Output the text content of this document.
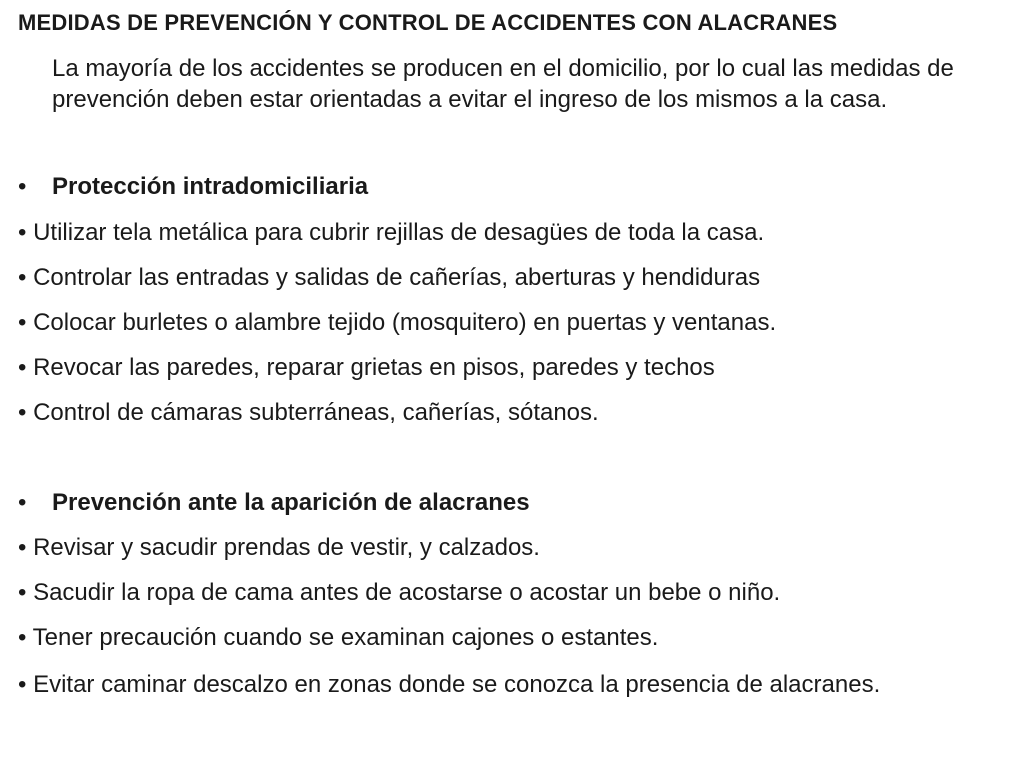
MEDIDAS DE PREVENCIÓN Y CONTROL DE ACCIDENTES CON ALACRANES
La mayoría de los accidentes se producen en el domicilio, por lo cual las medidas de prevención deben estar orientadas a evitar el ingreso de los mismos a la casa.
• Protección intradomiciliaria
• Utilizar tela metálica para cubrir rejillas de desagües de toda la casa.
• Controlar las entradas y salidas de cañerías, aberturas y hendiduras
• Colocar burletes o alambre tejido (mosquitero) en puertas y ventanas.
• Revocar las paredes, reparar grietas en pisos, paredes y techos
• Control de cámaras subterráneas, cañerías, sótanos.
• Prevención ante la aparición de alacranes
• Revisar y sacudir prendas de vestir, y calzados.
• Sacudir la ropa de cama antes de acostarse o acostar un bebe o niño.
• Tener precaución cuando se examinan cajones o estantes.
• Evitar caminar descalzo en zonas donde se conozca la presencia de alacranes.
